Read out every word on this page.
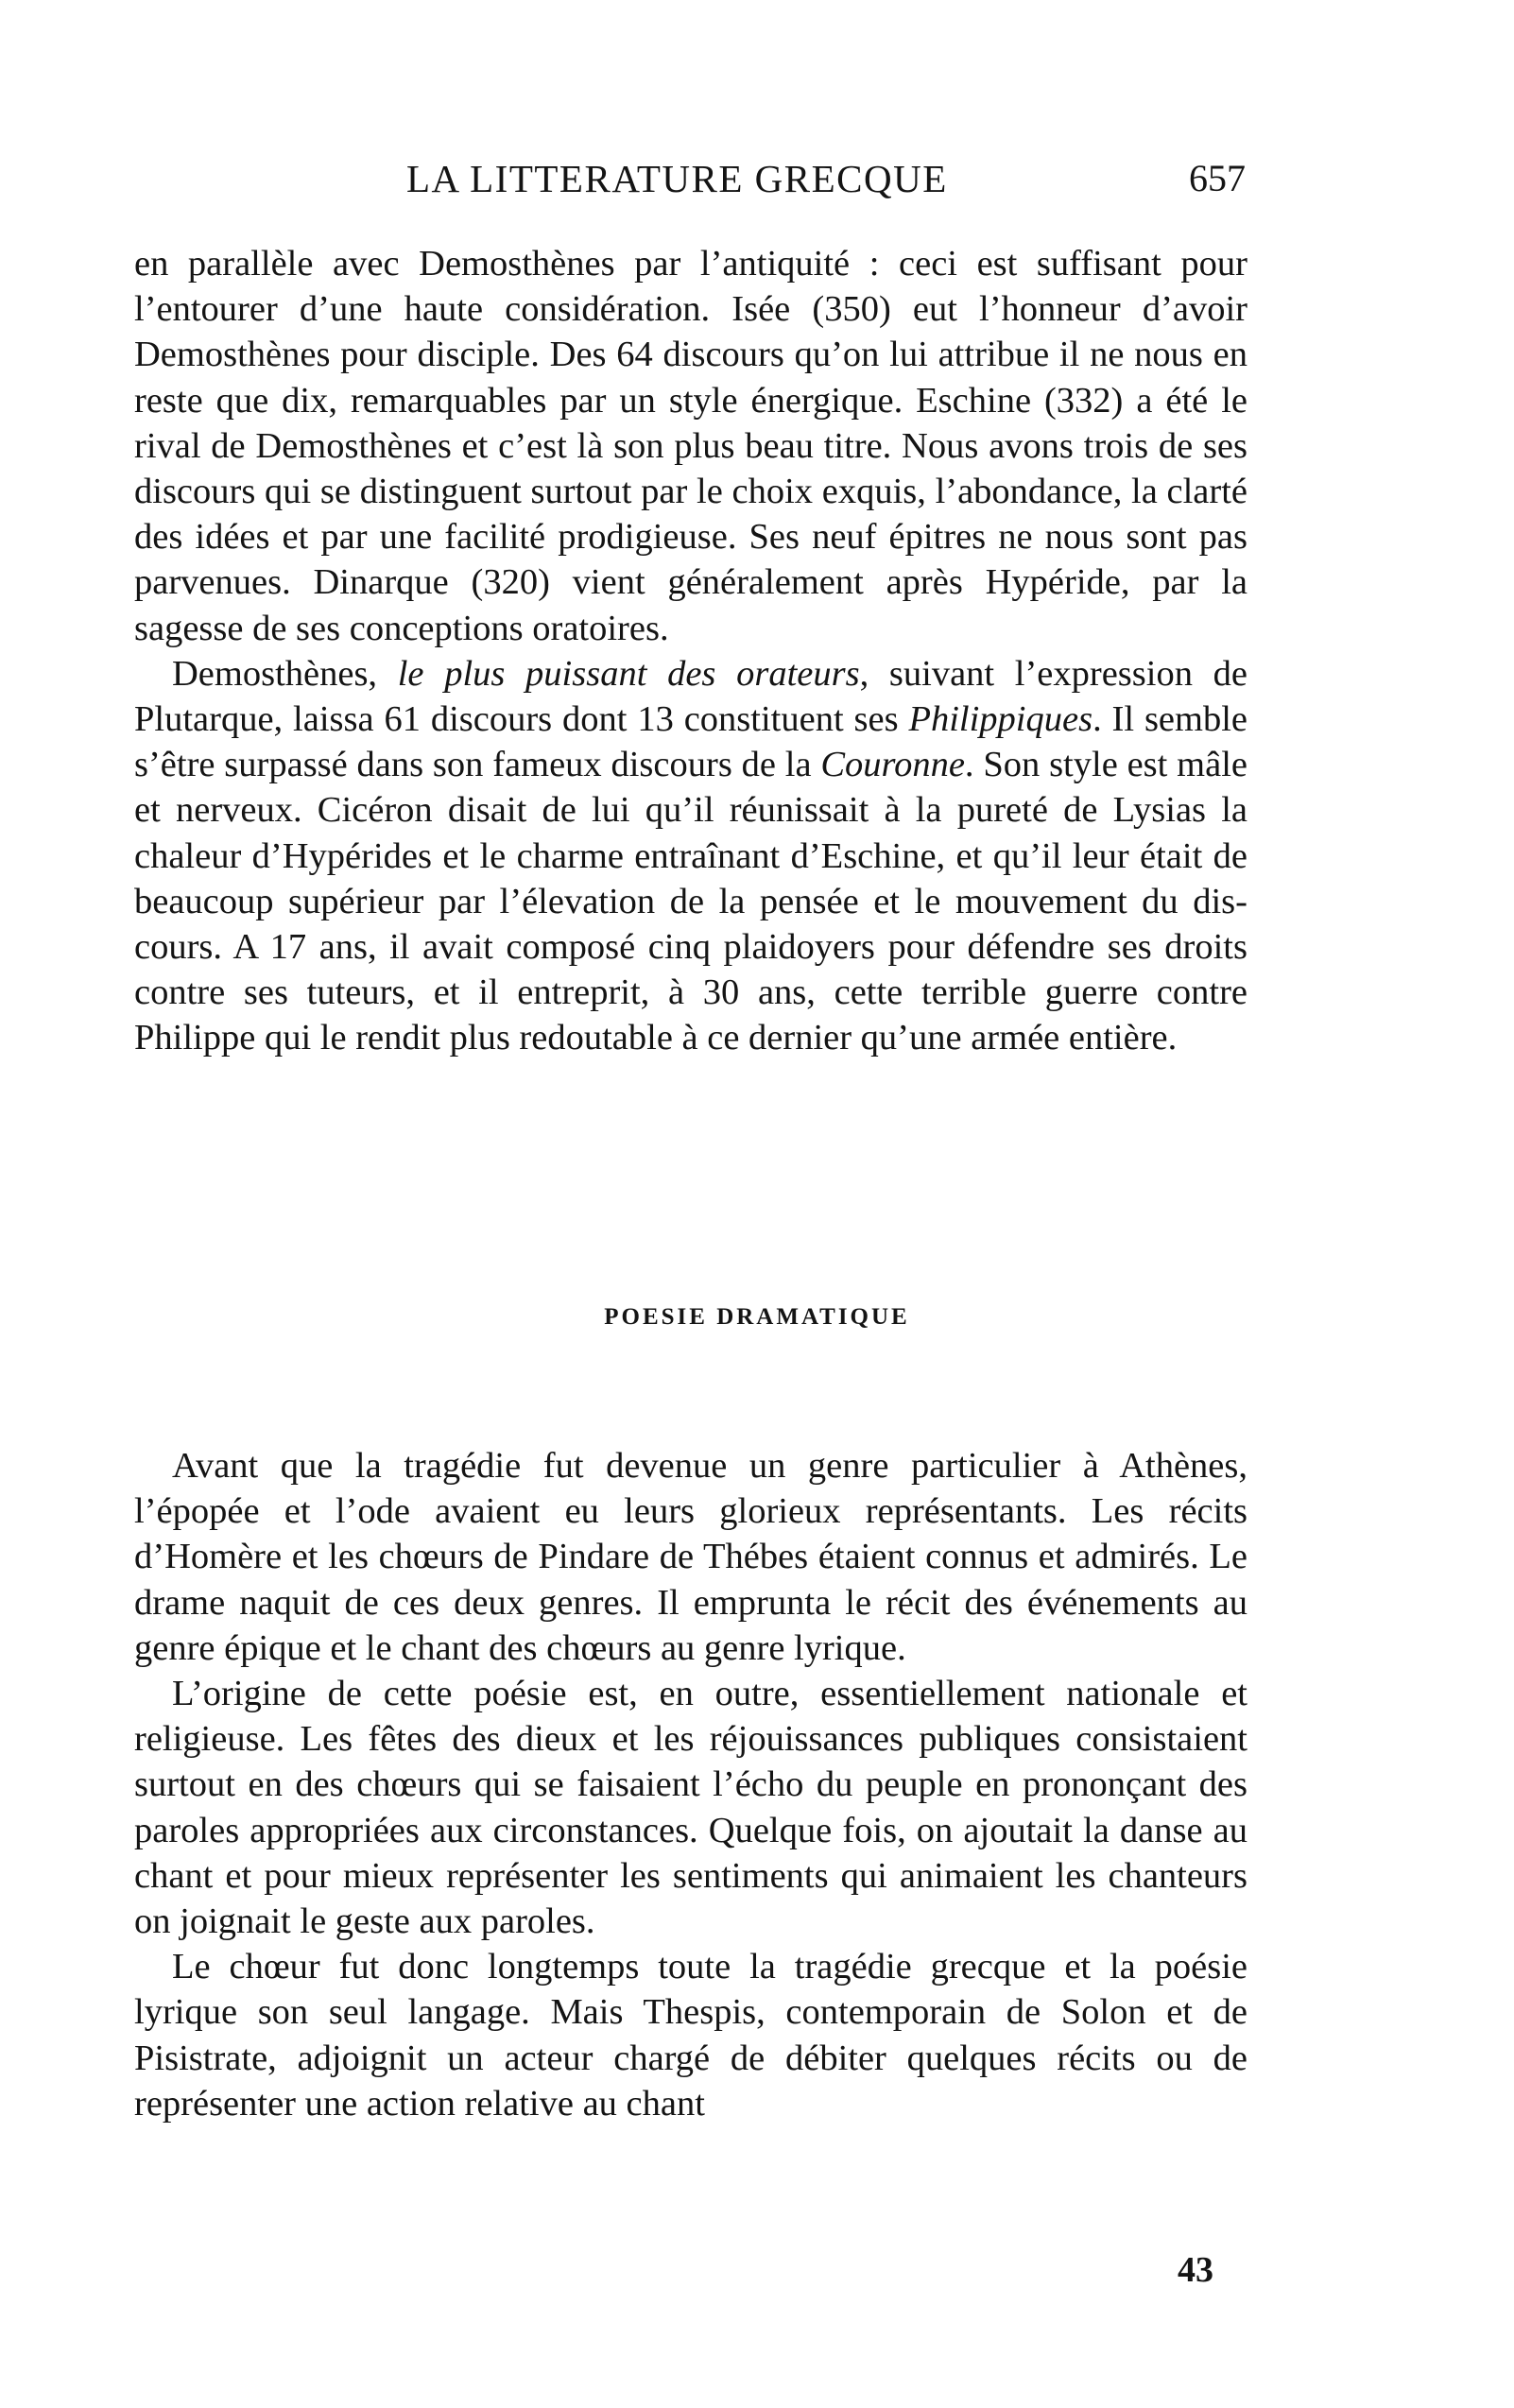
LA LITTERATURE GRECQUE	657

en parallèle avec Demosthènes par l’antiquité : ceci est suffisant pour l’entourer d’une haute considération. Isée (350) eut l’honneur d’avoir Demosthènes pour disciple. Des 64 discours qu’on lui attribue il ne nous en reste que dix, remarquables par un style énergique. Eschine (332) a été le rival de Demosthènes et c’est là son plus beau titre. Nous avons trois de ses discours qui se distinguent surtout par le choix exquis, l’abondance, la clarté des idées et par une facilité prodigieuse. Ses neuf épitres ne nous sont pas parvenues. Dinarque (320) vient généralement après Hypéride, par la sagesse de ses conceptions oratoires.

Demosthènes, le plus puissant des orateurs, suivant l’expression de Plutarque, laissa 61 discours dont 13 constituent ses Philippiques. Il semble s’être surpassé dans son fameux discours de la Couronne. Son style est mâle et nerveux. Cicéron disait de lui qu’il réunissait à la pureté de Lysias la chaleur d’Hypérides et le charme entraînant d’Eschine, et qu’il leur était de beaucoup supérieur par l’élevation de la pensée et le mouvement du discours. A 17 ans, il avait composé cinq plaidoyers pour défendre ses droits contre ses tuteurs, et il entreprit, à 30 ans, cette terrible guerre contre Philippe qui le rendit plus redoutable à ce dernier qu’une armée entière.

POESIE DRAMATIQUE

Avant que la tragédie fut devenue un genre particulier à Athènes, l’épopée et l’ode avaient eu leurs glorieux représentants. Les récits d’Homère et les chœurs de Pindare de Thébes étaient connus et admirés. Le drame naquit de ces deux genres. Il emprunta le récit des événements au genre épique et le chant des chœurs au genre lyrique.

L’origine de cette poésie est, en outre, essentiellement nationale et religieuse. Les fêtes des dieux et les réjouissances publiques consistaient surtout en des chœurs qui se faisaient l’écho du peuple en prononçant des paroles appropriées aux circonstances. Quelque fois, on ajoutait la danse au chant et pour mieux représenter les sentiments qui animaient les chanteurs on joignait le geste aux paroles.

Le chœur fut donc longtemps toute la tragédie grecque et la poésie lyrique son seul langage. Mais Thespis, contemporain de Solon et de Pisistrate, adjoignit un acteur chargé de débiter quelques récits ou de représenter une action relative au chant

43
